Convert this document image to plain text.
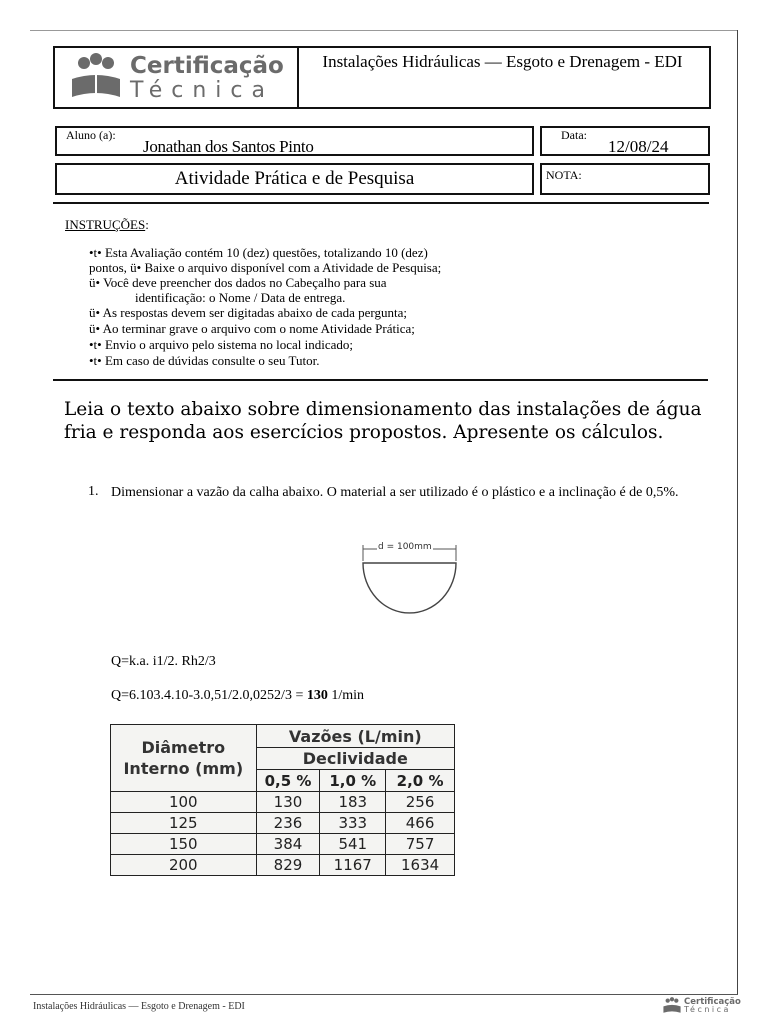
Certificação
Técnica
Instalações Hidráulicas — Esgoto e Drenagem - EDI
Aluno (a):
Jonathan dos Santos Pinto
Data:
12/08/24
Atividade Prática e de Pesquisa	NOTA:
INSTRUÇÕES:
•t• Esta Avaliação contém 10 (dez) questões, totalizando 10 (dez)
pontos, ü• Baixe o arquivo disponível com a Atividade de Pesquisa;
ü• Você deve preencher dos dados no Cabeçalho para sua
identificação: o Nome / Data de entrega.
ü• As respostas devem ser digitadas abaixo de cada pergunta;
ü• Ao terminar grave o arquivo com o nome Atividade Prática;
•t• Envio o arquivo pelo sistema no local indicado;
•t• Em caso de dúvidas consulte o seu Tutor.
Leia o texto abaixo sobre dimensionamento das instalações de água fria e responda aos esercícios propostos. Apresente os cálculos.
1. Dimensionar a vazão da calha abaixo. O material a ser utilizado é o plástico e a inclinação é de 0,5%.
d = 100mm
Q=k.a. i1/2. Rh2/3
Q=6.103.4.10-3.0,51/2.0,0252/3 = 130 1/min
Diâmetro
Interno (mm)	Vazões (L/min)		
	Declividade		
	0,5 %	1,0 %	2,0 %
100	130	183	256
125	236	333	466
150	384	541	757
200	829	1167	1634
Instalações Hidráulicas — Esgoto e Drenagem - EDI	Certificação
Técnica
